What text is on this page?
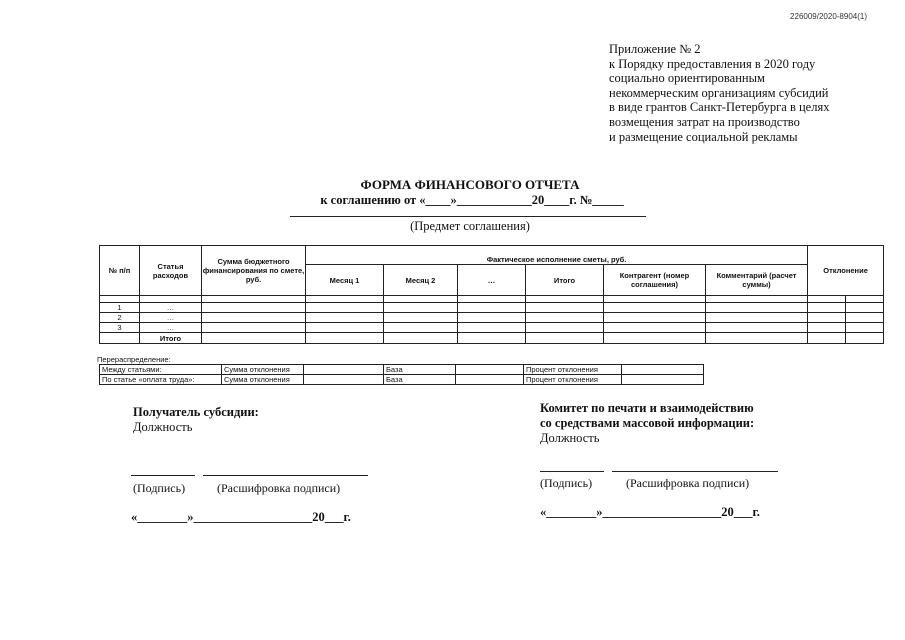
226009/2020-8904(1)
Приложение № 2
к Порядку предоставления в 2020 году
социально ориентированным
некоммерческим организациям субсидий
в виде грантов Санкт-Петербурга в целях
возмещения затрат на производство
и размещение социальной рекламы
ФОРМА ФИНАНСОВОГО ОТЧЕТА
к соглашению от «____»____________20____г. №_____
(Предмет соглашения)
№ п/п	Статья расходов	Сумма бюджетного финансирования по смете, руб.							Отклонение	
			Фактическое исполнение сметы, руб.							
			Месяц 1	Месяц 2	…	Итого	Контрагент (номер соглашения)	Комментарий (расчет суммы)		

1	…									
2	…									
3	…									
	Итого									
Перераспределение:
Между статьями:	Сумма отклонения		База		Процент отклонения	
По статье «оплата труда»:	Сумма отклонения		База		Процент отклонения	
Получатель субсидии:
Должность
(Подпись)	(Расшифровка подписи)
«________»___________________20___г.
Комитет по печати и взаимодействию
со средствами массовой информации:
Должность
(Подпись)	(Расшифровка подписи)
«________»___________________20___г.
